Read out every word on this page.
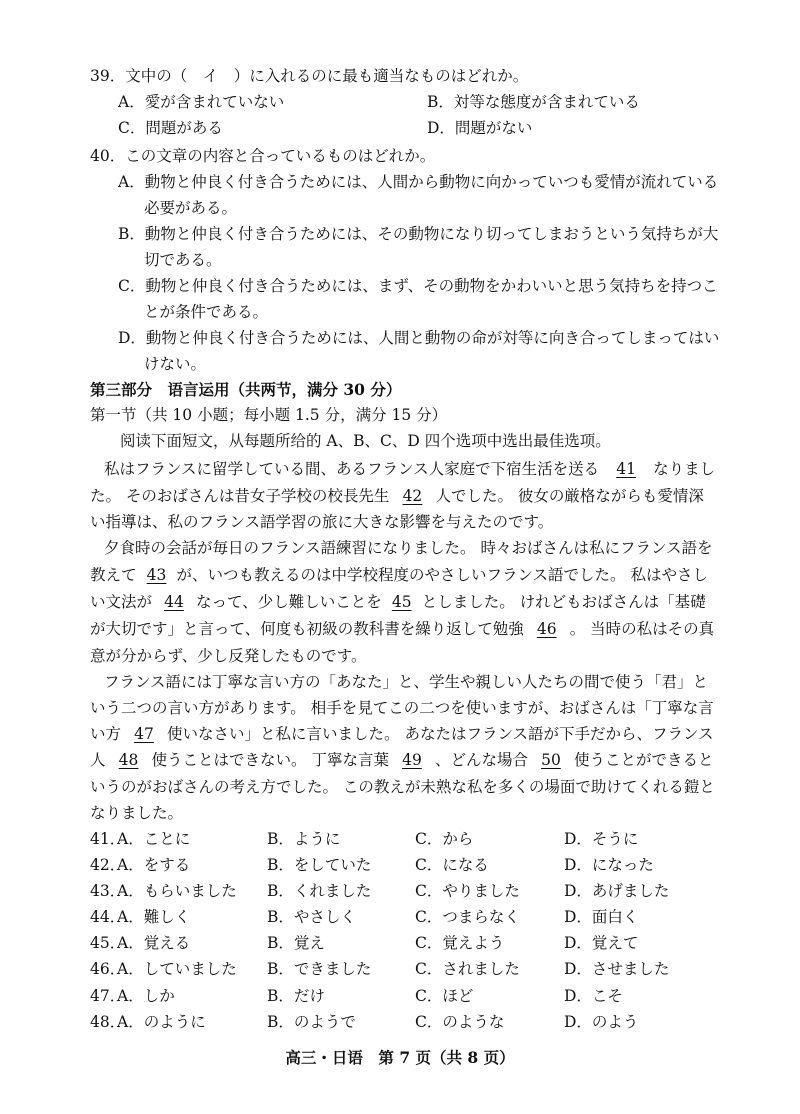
39．文中の（　イ　）に入れるのに最も適当なものはどれか。
A．愛が含まれていない	B．対等な態度が含まれている
C．問題がある	D．問題がない
40．この文章の内容と合っているものはどれか。
A．動物と仲良く付き合うためには、人間から動物に向かっていつも愛情が流れている
必要がある。
B．動物と仲良く付き合うためには、その動物になり切ってしまおうという気持ちが大
切である。
C．動物と仲良く付き合うためには、まず、その動物をかわいいと思う気持ちを持つこ
とが条件である。
D．動物と仲良く付き合うためには、人間と動物の命が対等に向き合ってしまってはい
けない。
第三部分　语言运用（共两节，满分 30 分）
第一节（共 10 小题；每小题 1.5 分，满分 15 分）
阅读下面短文，从每题所给的 A、B、C、D 四个选项中选出最佳选项。
私はフランスに留学している間、あるフランス人家庭で下宿生活を送る 41 なりまし
た。 そのおばさんは昔女子学校の校長先生 42 人でした。 彼女の厳格ながらも愛情深
い指導は、私のフランス語学習の旅に大きな影響を与えたのです。
夕食時の会話が毎日のフランス語練習になりました。 時々おばさんは私にフランス語を
教えて 43 が、いつも教えるのは中学校程度のやさしいフランス語でした。 私はやさし
い文法が 44 なって、少し難しいことを 45 としました。 けれどもおばさんは「基礎
が大切です」と言って、何度も初級の教科書を繰り返して勉強 46 。 当時の私はその真
意が分からず、少し反発したものです。
フランス語には丁寧な言い方の「あなた」と、学生や親しい人たちの間で使う「君」と
いう二つの言い方があります。 相手を見てこの二つを使いますが、おばさんは「丁寧な言
い方 47 使いなさい」と私に言いました。 あなたはフランス語が下手だから、フランス
人 48 使うことはできない。 丁寧な言葉 49 、どんな場合 50 使うことができると
いうのがおばさんの考え方でした。 この教えが未熟な私を多くの場面で助けてくれる鎧と
なりました。
41．
A．ことに	B．ように	C．から	D．そうに
42．
A．をする	B．をしていた	C．になる	D．になった
43．
A．もらいました B．くれました	C．やりました	D．あげました
44．
A．難しく	B．やさしく	C．つまらなく	D．面白く
45．
A．覚える	B．覚え	C．覚えよう	D．覚えて
46．
A．していました B．できました	C．されました	D．させました
47．
A．しか	B．だけ	C．ほど	D．こそ
48．
A．のように	B．のようで	C．のような	D．のよう
高三・日语　第 7 页（共 8 页）
